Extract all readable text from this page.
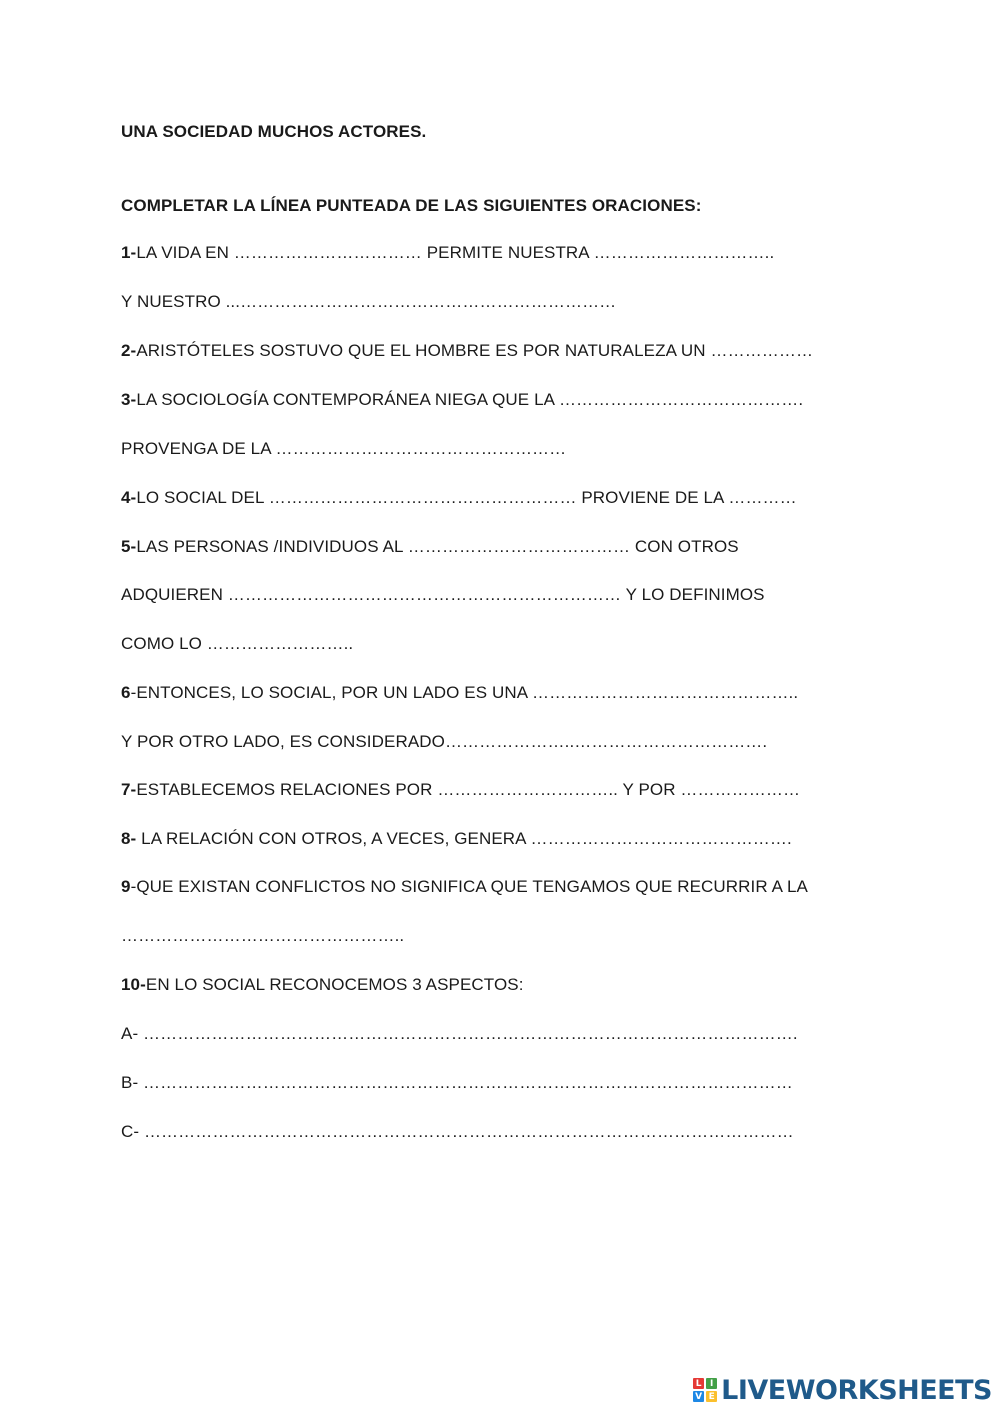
UNA SOCIEDAD MUCHOS ACTORES.
COMPLETAR LA LÍNEA PUNTEADA DE LAS SIGUIENTES ORACIONES:
1-LA VIDA EN …………………………… PERMITE NUESTRA …………………………..
Y NUESTRO ...…………………………………………………………
2-ARISTÓTELES SOSTUVO QUE EL HOMBRE ES POR NATURALEZA UN ………………
3-LA SOCIOLOGÍA CONTEMPORÁNEA NIEGA QUE LA …………………………………….
PROVENGA DE LA ……………………………………………
4-LO SOCIAL DEL ……………………………………………… PROVIENE DE LA …………
5-LAS PERSONAS /INDIVIDUOS AL ………………………………… CON OTROS
ADQUIEREN …………………………………………………………… Y LO DEFINIMOS
COMO LO ……………………..
6-ENTONCES, LO SOCIAL, POR UN LADO ES UNA ………………………………………..
Y POR OTRO LADO, ES CONSIDERADO…………………..…………………………….
7-ESTABLECEMOS RELACIONES POR ………………………….. Y POR …………………
8- LA RELACIÓN CON OTROS, A VECES, GENERA ……………………………………….
9-QUE EXISTAN CONFLICTOS NO SIGNIFICA QUE TENGAMOS QUE RECURRIR A LA
…………………………………………..
10-EN LO SOCIAL RECONOCEMOS 3 ASPECTOS:
A- …………………………………………………………………………………………………….
B- ……………………………………………………………………………………………………
C- ……………………………………………………………………………………………………
L I
V E LIVEWORKSHEETS
